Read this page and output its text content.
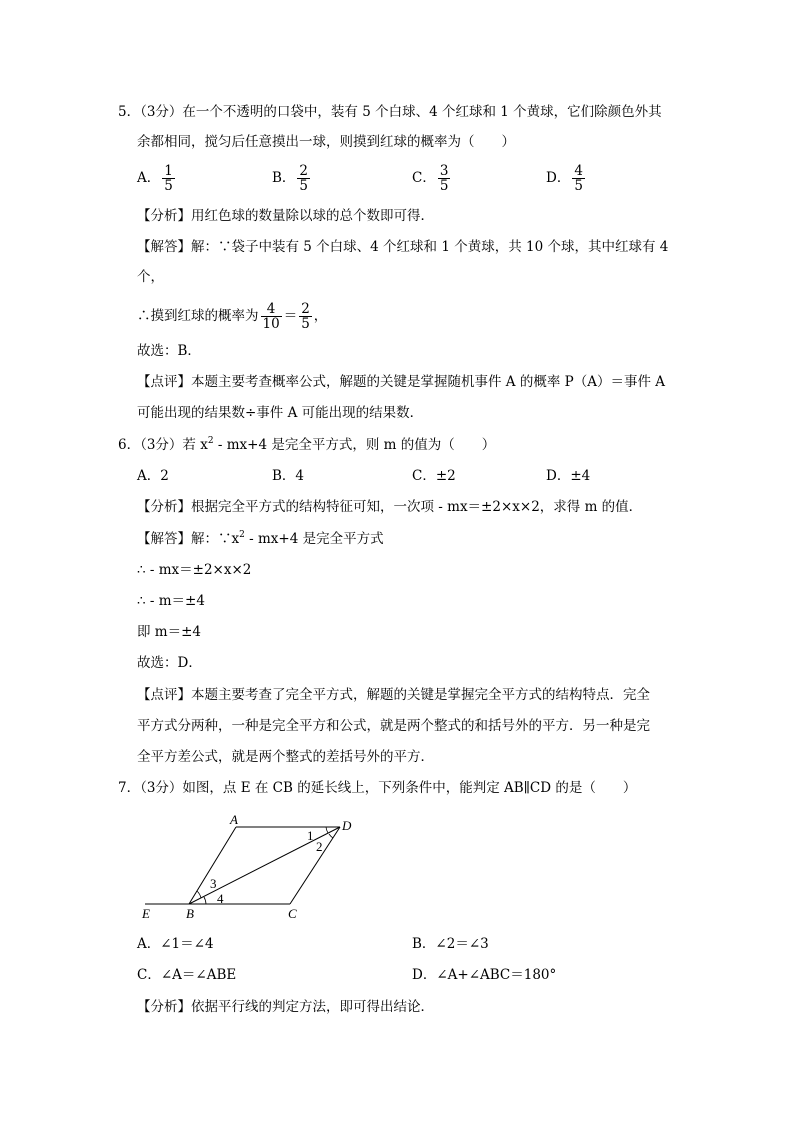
5．（3分）在一个不透明的口袋中，装有 5 个白球、4 个红球和 1 个黄球，它们除颜色外其
余都相同，搅匀后任意摸出一球，则摸到红球的概率为（　　）
A． $\frac{1}{5}$	B． $\frac{2}{5}$	C． $\frac{3}{5}$	D． $\frac{4}{5}$
【分析】用红色球的数量除以球的总个数即可得．
【解答】解：∵袋子中装有 5 个白球、4 个红球和 1 个黄球，共 10 个球，其中红球有 4
个，
∴摸到红球的概率为 $\frac{4}{10} = \frac{2}{5}$ ，
故选：B．
【点评】本题主要考查概率公式，解题的关键是掌握随机事件 A 的概率 P（A）＝事件 A
可能出现的结果数÷事件 A 可能出现的结果数．
6．（3分）若 $x^2 - mx+4$ 是完全平方式，则 m 的值为（　　）
A．2	B．4	C．±2	D．±4
【分析】根据完全平方式的结构特征可知，一次项 - mx＝±2×x×2，求得 m 的值．
【解答】解：$\because x^2 - mx+4$ 是完全平方式
∴ - mx＝±2×x×2
∴ - m＝±4
即 m＝±4
故选：D．
【点评】本题主要考查了完全平方式，解题的关键是掌握完全平方式的结构特点．完全
平方式分两种，一种是完全平方和公式，就是两个整式的和括号外的平方．另一种是完
全平方差公式，就是两个整式的差括号外的平方．
7．（3分）如图，点 E 在 CB 的延长线上，下列条件中，能判定 AB∥CD 的是（　　）
A	D
E	B	C
1
2
3
4
A．∠1＝∠4	B．∠2＝∠3
C．∠A＝∠ABE	D．∠A+∠ABC＝180°
【分析】依据平行线的判定方法，即可得出结论．
